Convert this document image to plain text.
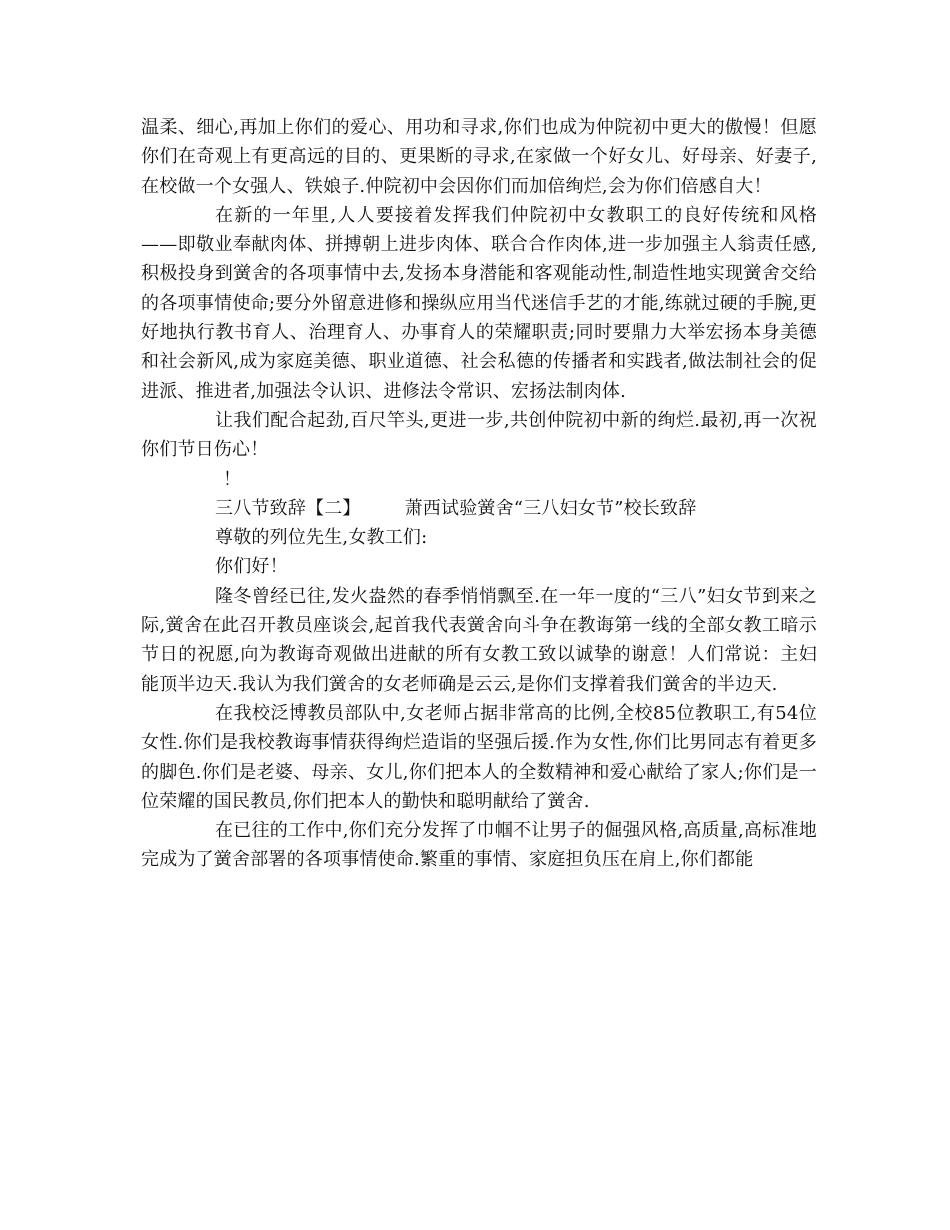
温柔、细心,再加上你们的爱心、用功和寻求,你们也成为仲院初中更大的傲慢！但愿你们在奇观上有更高远的目的、更果断的寻求,在家做一个好女儿、好母亲、好妻子,在校做一个女强人、铁娘子.仲院初中会因你们而加倍绚烂,会为你们倍感自大！

在新的一年里,人人要接着发挥我们仲院初中女教职工的良好传统和风格——即敬业奉献肉体、拼搏朝上进步肉体、联合合作肉体,进一步加强主人翁责任感,积极投身到黉舍的各项事情中去,发扬本身潜能和客观能动性,制造性地实现黉舍交给的各项事情使命;要分外留意进修和操纵应用当代迷信手艺的才能,练就过硬的手腕,更好地执行教书育人、治理育人、办事育人的荣耀职责;同时要鼎力大举宏扬本身美德和社会新风,成为家庭美德、职业道德、社会私德的传播者和实践者,做法制社会的促进派、推进者,加强法令认识、进修法令常识、宏扬法制肉体.

让我们配合起劲,百尺竿头,更进一步,共创仲院初中新的绚烂.最初,再一次祝你们节日伤心！

！

三八节致辞【二】 萧西试验黉舍“三八妇女节”校长致辞

尊敬的列位先生,女教工们:

你们好！

隆冬曾经已往,发火盎然的春季悄悄飘至.在一年一度的“三八”妇女节到来之际,黉舍在此召开教员座谈会,起首我代表黉舍向斗争在教诲第一线的全部女教工暗示节日的祝愿,向为教诲奇观做出进献的所有女教工致以诚挚的谢意！人们常说：主妇能顶半边天.我认为我们黉舍的女老师确是云云,是你们支撑着我们黉舍的半边天.

在我校泛博教员部队中,女老师占据非常高的比例,全校85位教职工,有54位女性.你们是我校教诲事情获得绚烂造诣的坚强后援.作为女性,你们比男同志有着更多的脚色.你们是老婆、母亲、女儿,你们把本人的全数精神和爱心献给了家人;你们是一位荣耀的国民教员,你们把本人的勤快和聪明献给了黉舍.

在已往的工作中,你们充分发挥了巾帼不让男子的倔强风格,高质量,高标准地完成为了黉舍部署的各项事情使命.繁重的事情、家庭担负压在肩上,你们都能
